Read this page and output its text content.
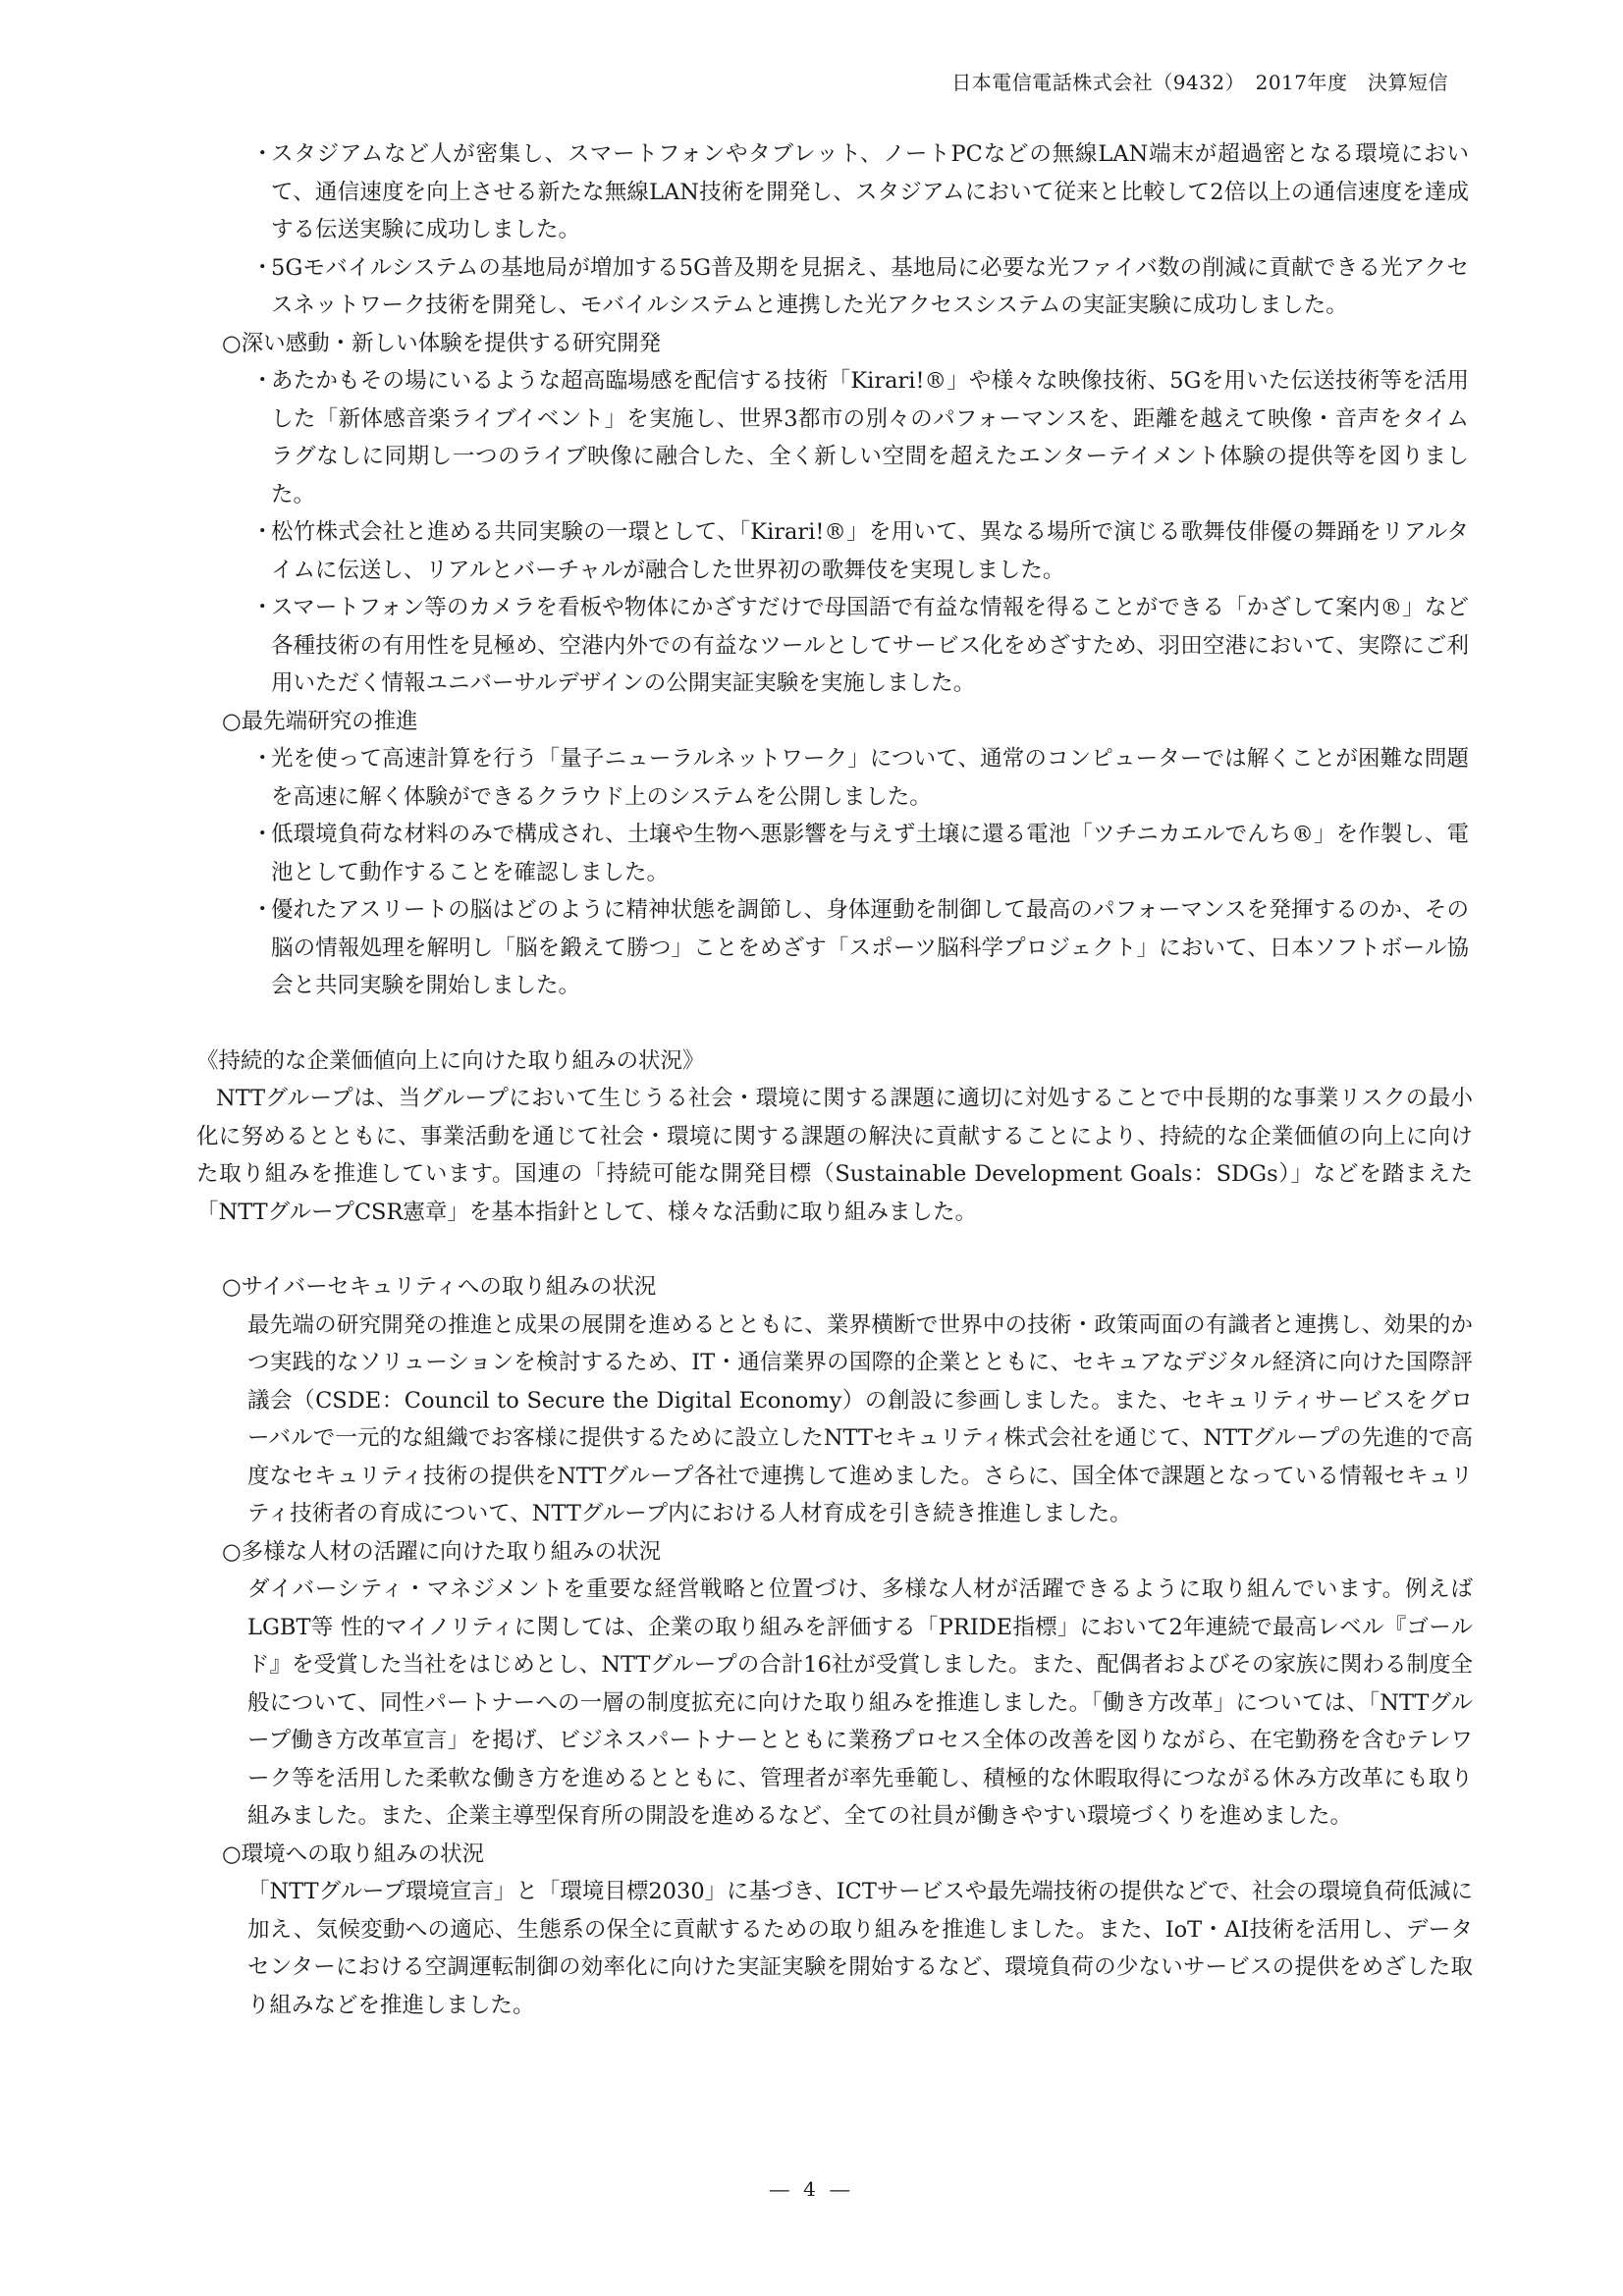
日本電信電話株式会社（9432）　2017年度　決算短信
・
スタジアムなど人が密集し、スマートフォンやタブレット、ノートPCなどの無線LAN端末が超過密となる環境において、通信速度を向上させる新たな無線LAN技術を開発し、スタジアムにおいて従来と比較して2倍以上の通信速度を達成する伝送実験に成功しました。
・
5Gモバイルシステムの基地局が増加する5G普及期を見据え、基地局に必要な光ファイバ数の削減に貢献できる光アクセスネットワーク技術を開発し、モバイルシステムと連携した光アクセスシステムの実証実験に成功しました。
○深い感動・新しい体験を提供する研究開発
・
あたかもその場にいるような超高臨場感を配信する技術「Kirari!®」や様々な映像技術、5Gを用いた伝送技術等を活用した「新体感音楽ライブイベント」を実施し、世界3都市の別々のパフォーマンスを、距離を越えて映像・音声をタイムラグなしに同期し一つのライブ映像に融合した、全く新しい空間を超えたエンターテイメント体験の提供等を図りました。
・
松竹株式会社と進める共同実験の一環として、「Kirari!®」を用いて、異なる場所で演じる歌舞伎俳優の舞踊をリアルタイムに伝送し、リアルとバーチャルが融合した世界初の歌舞伎を実現しました。
・
スマートフォン等のカメラを看板や物体にかざすだけで母国語で有益な情報を得ることができる「かざして案内®」など各種技術の有用性を見極め、空港内外での有益なツールとしてサービス化をめざすため、羽田空港において、実際にご利用いただく情報ユニバーサルデザインの公開実証実験を実施しました。
○最先端研究の推進
・
光を使って高速計算を行う「量子ニューラルネットワーク」について、通常のコンピューターでは解くことが困難な問題を高速に解く体験ができるクラウド上のシステムを公開しました。
・
低環境負荷な材料のみで構成され、土壌や生物へ悪影響を与えず土壌に還る電池「ツチニカエルでんち®」を作製し、電池として動作することを確認しました。
・
優れたアスリートの脳はどのように精神状態を調節し、身体運動を制御して最高のパフォーマンスを発揮するのか、その脳の情報処理を解明し「脳を鍛えて勝つ」ことをめざす「スポーツ脳科学プロジェクト」において、日本ソフトボール協会と共同実験を開始しました。
《持続的な企業価値向上に向けた取り組みの状況》
NTTグループは、当グループにおいて生じうる社会・環境に関する課題に適切に対処することで中長期的な事業リスクの最小化に努めるとともに、事業活動を通じて社会・環境に関する課題の解決に貢献することにより、持続的な企業価値の向上に向けた取り組みを推進しています。国連の「持続可能な開発目標（Sustainable Development Goals：SDGs）」などを踏まえた「NTTグループCSR憲章」を基本指針として、様々な活動に取り組みました。
○サイバーセキュリティへの取り組みの状況
最先端の研究開発の推進と成果の展開を進めるとともに、業界横断で世界中の技術・政策両面の有識者と連携し、効果的かつ実践的なソリューションを検討するため、IT・通信業界の国際的企業とともに、セキュアなデジタル経済に向けた国際評議会（CSDE：Council to Secure the Digital Economy）の創設に参画しました。また、セキュリティサービスをグローバルで一元的な組織でお客様に提供するために設立したNTTセキュリティ株式会社を通じて、NTTグループの先進的で高度なセキュリティ技術の提供をNTTグループ各社で連携して進めました。さらに、国全体で課題となっている情報セキュリティ技術者の育成について、NTTグループ内における人材育成を引き続き推進しました。
○多様な人材の活躍に向けた取り組みの状況
ダイバーシティ・マネジメントを重要な経営戦略と位置づけ、多様な人材が活躍できるように取り組んでいます。例えばLGBT等 性的マイノリティに関しては、企業の取り組みを評価する「PRIDE指標」において2年連続で最高レベル『ゴールド』を受賞した当社をはじめとし、NTTグループの合計16社が受賞しました。また、配偶者およびその家族に関わる制度全般について、同性パートナーへの一層の制度拡充に向けた取り組みを推進しました。「働き方改革」については、「NTTグループ働き方改革宣言」を掲げ、ビジネスパートナーとともに業務プロセス全体の改善を図りながら、在宅勤務を含むテレワーク等を活用した柔軟な働き方を進めるとともに、管理者が率先垂範し、積極的な休暇取得につながる休み方改革にも取り組みました。また、企業主導型保育所の開設を進めるなど、全ての社員が働きやすい環境づくりを進めました。
○環境への取り組みの状況
「NTTグループ環境宣言」と「環境目標2030」に基づき、ICTサービスや最先端技術の提供などで、社会の環境負荷低減に加え、気候変動への適応、生態系の保全に貢献するための取り組みを推進しました。また、IoT・AI技術を活用し、データセンターにおける空調運転制御の効率化に向けた実証実験を開始するなど、環境負荷の少ないサービスの提供をめざした取り組みなどを推進しました。
― 4 ―
